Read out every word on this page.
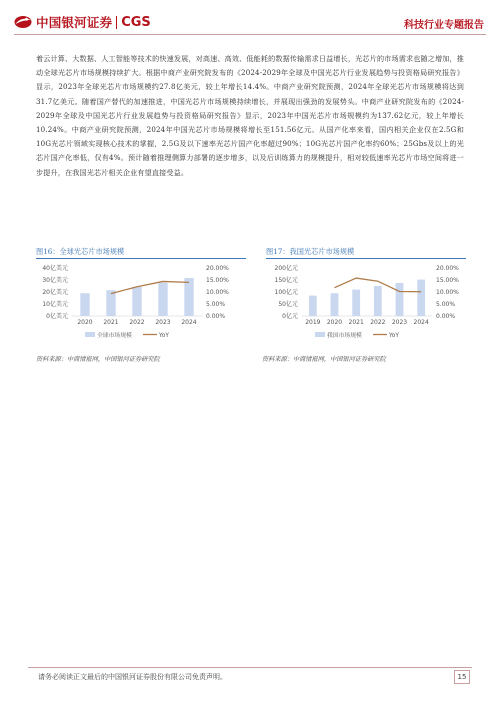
中国银河证券 CGS	科技行业专题报告

着云计算、大数据、人工智能等技术的快速发展，对高速、高效、低能耗的数据传输需求日益增长，光芯片的市场需求也随之增加，推动全球光芯片市场规模持续扩大。根据中商产业研究院发布的《2024-2029年全球及中国光芯片行业发展趋势与投资格局研究报告》显示，2023年全球光芯片市场规模约27.8亿美元，较上年增长14.4%。中商产业研究院预测，2024年全球光芯片市场规模将达到31.7亿美元。随着国产替代的加速推进，中国光芯片市场规模持续增长，并展现出强劲的发展势头。中商产业研究院发布的《2024-2029年全球及中国光芯片行业发展趋势与投资格局研究报告》显示，2023年中国光芯片市场规模约为137.62亿元，较上年增长10.24%。中商产业研究院预测，2024年中国光芯片市场规模将增长至151.56亿元。从国产化率来看，国内相关企业仅在2.5G和10G光芯片领域实现核心技术的掌握，2.5G及以下速率光芯片国产化率超过90%；10G光芯片国产化率约60%；25Gbs及以上的光芯片国产化率低，仅有4%。预计随着推理侧算力部署的逐步增多，以及后训练算力的规模提升，相对较低速率光芯片市场空间将进一步提升，在我国光芯片相关企业有望直接受益。

图16：全球光芯片市场规模
0亿美元
10亿美元
20亿美元
30亿美元
40亿美元
0.00%
5.00%
10.00%
15.00%
20.00%
2020 2021 2022 2023 2024
全球市场规模	YoY
资料来源：中商情报网，中国银河证券研究院
图17：我国光芯片市场规模
0亿元
50亿元
100亿元
150亿元
200亿元
0.00%
5.00%
10.00%
15.00%
20.00%
2019 2020 2021 2022 2023 2024
我国市场规模	YoY
资料来源：中商情报网，中国银河证券研究院
请务必阅读正文最后的中国银河证券股份有限公司免责声明。	15
